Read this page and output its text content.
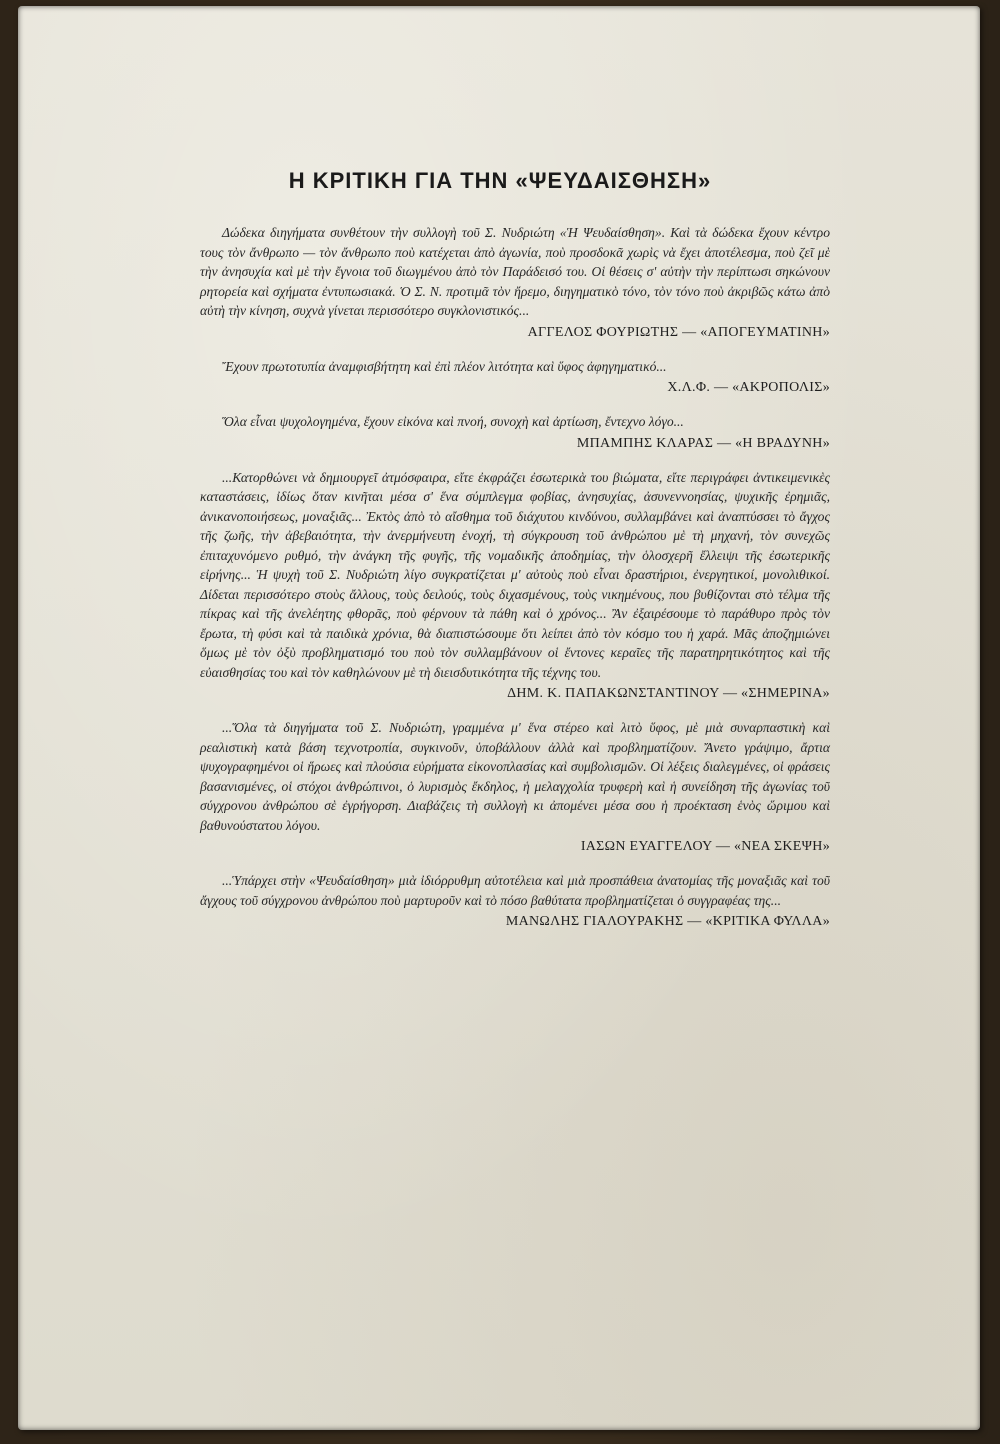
Η ΚΡΙΤΙΚΗ ΓΙΑ ΤΗΝ «ΨΕΥΔΑΙΣΘΗΣΗ»

Δώδεκα διηγήματα συνθέτουν τὴν συλλογὴ τοῦ Σ. Νυδριώτη «Ἡ Ψευδαίσθηση». Καὶ τὰ δώδεκα ἔχουν κέντρο τους τὸν ἄνθρωπο — τὸν ἄνθρωπο ποὺ κατέχεται ἀπὸ ἀγωνία, ποὺ προσδοκᾶ χωρὶς νὰ ἔχει ἀποτέλεσμα, ποὺ ζεῖ μὲ τὴν ἀνησυχία καὶ μὲ τὴν ἔγνοια τοῦ διωγμένου ἀπὸ τὸν Παράδεισό του. Οἱ θέσεις σ' αὐτὴν τὴν περίπτωσι σηκώνουν ρητορεία καὶ σχήματα ἐντυπωσιακά. Ὁ Σ. Ν. προτιμᾶ τὸν ἤρεμο, διηγηματικὸ τόνο, τὸν τόνο ποὺ ἀκριβῶς κάτω ἀπὸ αὐτὴ τὴν κίνηση, συχνὰ γίνεται περισσότερο συγκλονιστικός...

ΑΓΓΕΛΟΣ ΦΟΥΡΙΩΤΗΣ — «ΑΠΟΓΕΥΜΑΤΙΝΗ»

Ἔχουν πρωτοτυπία ἀναμφισβήτητη καὶ ἐπὶ πλέον λιτότητα καὶ ὕφος ἀφηγηματικό...

Χ.Λ.Φ. — «ΑΚΡΟΠΟΛΙΣ»

Ὅλα εἶναι ψυχολογημένα, ἔχουν εἰκόνα καὶ πνοή, συνοχὴ καὶ ἀρτίωση, ἔντεχνο λόγο...

ΜΠΑΜΠΗΣ ΚΛΑΡΑΣ — «Η ΒΡΑΔΥΝΗ»

...Κατορθώνει νὰ δημιουργεῖ ἀτμόσφαιρα, εἴτε ἐκφράζει ἐσωτερικὰ του βιώματα, εἴτε περιγράφει ἀντικειμενικὲς καταστάσεις, ἰδίως ὅταν κινῆται μέσα σ' ἕνα σύμπλεγμα φοβίας, ἀνησυχίας, ἀσυνεννοησίας, ψυχικῆς ἐρημιᾶς, ἀνικανοποιήσεως, μοναξιᾶς... Ἐκτὸς ἀπὸ τὸ αἴσθημα τοῦ διάχυτου κινδύνου, συλλαμβάνει καὶ ἀναπτύσσει τὸ ἄγχος τῆς ζωῆς, τὴν ἀβεβαιότητα, τὴν ἀνερμήνευτη ἐνοχή, τὴ σύγκρουση τοῦ ἀνθρώπου μὲ τὴ μηχανή, τὸν συνεχῶς ἐπιταχυνόμενο ρυθμό, τὴν ἀνάγκη τῆς φυγῆς, τῆς νομαδικῆς ἀποδημίας, τὴν ὁλοσχερῆ ἔλλειψι τῆς ἐσωτερικῆς εἰρήνης... Ἡ ψυχὴ τοῦ Σ. Νυδριώτη λίγο συγκρατίζεται μ' αὐτοὺς ποὺ εἶναι δραστήριοι, ἐνεργητικοί, μονολιθικοί. Δίδεται περισσότερο στοὺς ἄλλους, τοὺς δειλούς, τοὺς διχασμένους, τοὺς νικημένους, που βυθίζονται στὸ τέλμα τῆς πίκρας καὶ τῆς ἀνελέητης φθορᾶς, ποὺ φέρνουν τὰ πάθη καὶ ὁ χρόνος... Ἂν ἐξαιρέσουμε τὸ παράθυρο πρὸς τὸν ἔρωτα, τὴ φύσι καὶ τὰ παιδικὰ χρόνια, θὰ διαπιστώσουμε ὅτι λείπει ἀπὸ τὸν κόσμο του ἡ χαρά. Μᾶς ἀποζημιώνει ὅμως μὲ τὸν ὀξὺ προβληματισμό του ποὺ τὸν συλλαμβάνουν οἱ ἔντονες κεραῖες τῆς παρατηρητικότητος καὶ τῆς εὐαισθησίας του καὶ τὸν καθηλώνουν μὲ τὴ διεισδυτικότητα τῆς τέχνης του.

ΔΗΜ. Κ. ΠΑΠΑΚΩΝΣΤΑΝΤΙΝΟΥ — «ΣΗΜΕΡΙΝΑ»

...Ὅλα τὰ διηγήματα τοῦ Σ. Νυδριώτη, γραμμένα μ' ἕνα στέρεο καὶ λιτὸ ὕφος, μὲ μιὰ συναρπαστικὴ καὶ ρεαλιστικὴ κατὰ βάση τεχνοτροπία, συγκινοῦν, ὑποβάλλουν ἀλλὰ καὶ προβληματίζουν. Ἄνετο γράψιμο, ἄρτια ψυχογραφημένοι οἱ ἥρωες καὶ πλούσια εὑρήματα εἰκονοπλασίας καὶ συμβολισμῶν. Οἱ λέξεις διαλεγμένες, οἱ φράσεις βασανισμένες, οἱ στόχοι ἀνθρώπινοι, ὁ λυρισμὸς ἔκδηλος, ἡ μελαγχολία τρυφερὴ καὶ ἡ συνείδηση τῆς ἀγωνίας τοῦ σύγχρονου ἀνθρώπου σὲ ἐγρήγορση. Διαβάζεις τὴ συλλογὴ κι ἀπομένει μέσα σου ἡ προέκταση ἑνὸς ὥριμου καὶ βαθυνούστατου λόγου.

ΙΑΣΩΝ ΕΥΑΓΓΕΛΟΥ — «ΝΕΑ ΣΚΕΨΗ»

...Ὑπάρχει στὴν «Ψευδαίσθηση» μιὰ ἰδιόρρυθμη αὐτοτέλεια καὶ μιὰ προσπάθεια ἀνατομίας τῆς μοναξιᾶς καὶ τοῦ ἄγχους τοῦ σύγχρονου ἀνθρώπου ποὺ μαρτυροῦν καὶ τὸ πόσο βαθύτατα προβληματίζεται ὁ συγγραφέας της...

ΜΑΝΩΛΗΣ ΓΙΑΛΟΥΡΑΚΗΣ — «ΚΡΙΤΙΚΑ ΦΥΛΛΑ»
